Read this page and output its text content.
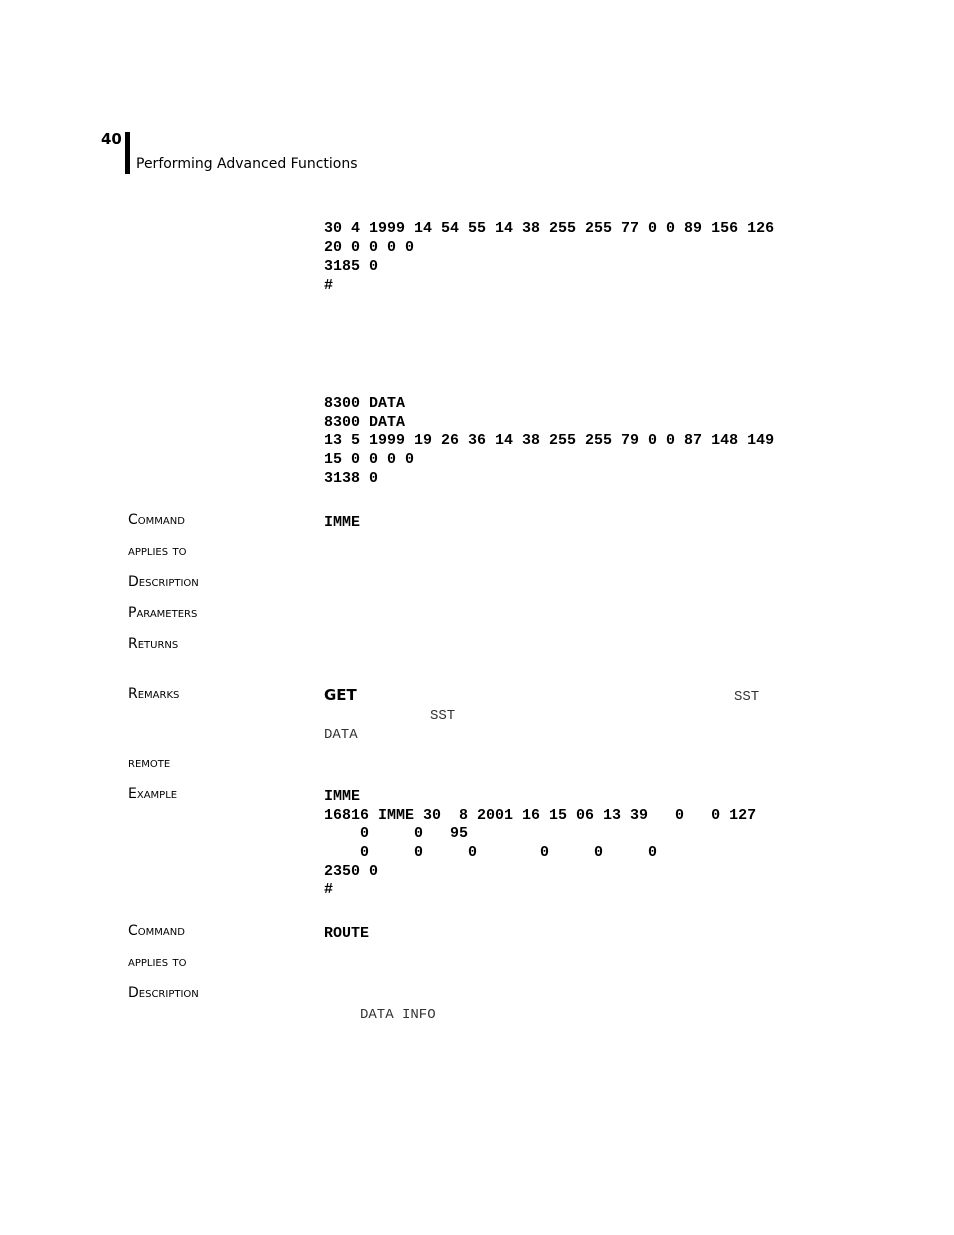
40
Performing Advanced Functions
30 4 1999 14 54 55 14 38 255 255 77 0 0 89 156 126
20 0 0 0 0
3185 0
#
8300 DATA
8300 DATA
13 5 1999 19 26 36 14 38 255 255 79 0 0 87 148 149
15 0 0 0 0
3138 0
Command	IMME
applies to
Description
Parameters
Returns
Remarks	GET	SST
SST
DATA
remote
Example	IMME
16816 IMME 30  8 2001 16 15 06 13 39   0   0 127
0     0   95
0     0     0       0     0     0
2350 0
#
Command	ROUTE
applies to
Description
DATA INFO
